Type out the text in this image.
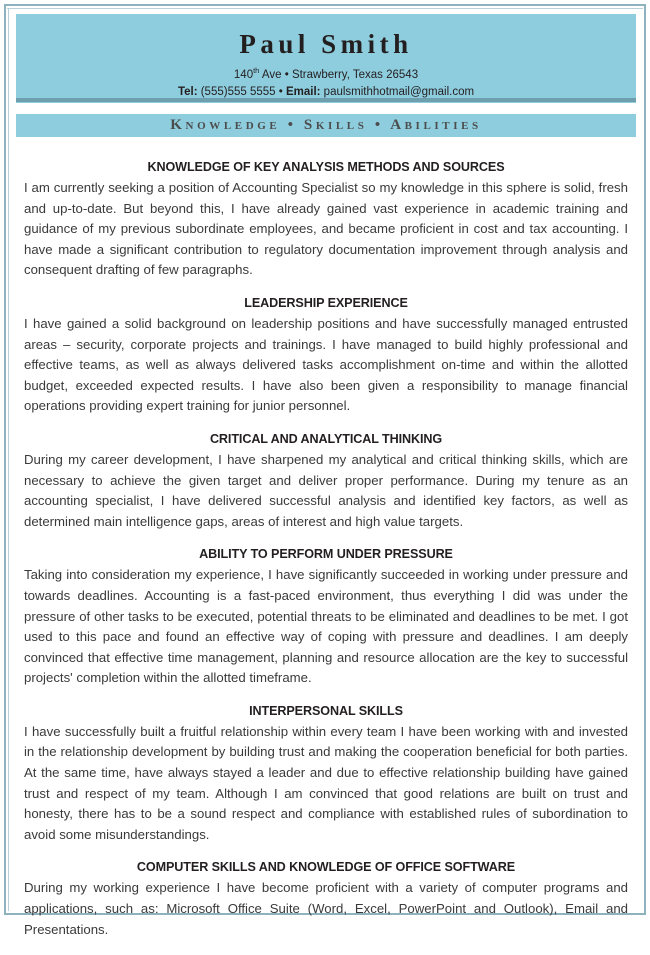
Paul Smith
140th Ave • Strawberry, Texas 26543
Tel: (555)555 5555 • Email: paulsmithhotmail@gmail.com
Knowledge • Skills • Abilities
KNOWLEDGE OF KEY ANALYSIS METHODS AND SOURCES

I am currently seeking a position of Accounting Specialist so my knowledge in this sphere is solid, fresh and up-to-date. But beyond this, I have already gained vast experience in academic training and guidance of my previous subordinate employees, and became proficient in cost and tax accounting. I have made a significant contribution to regulatory documentation improvement through analysis and consequent drafting of few paragraphs.

LEADERSHIP EXPERIENCE

I have gained a solid background on leadership positions and have successfully managed entrusted areas – security, corporate projects and trainings. I have managed to build highly professional and effective teams, as well as always delivered tasks accomplishment on-time and within the allotted budget, exceeded expected results. I have also been given a responsibility to manage financial operations providing expert training for junior personnel.

CRITICAL AND ANALYTICAL THINKING

During my career development, I have sharpened my analytical and critical thinking skills, which are necessary to achieve the given target and deliver proper performance. During my tenure as an accounting specialist, I have delivered successful analysis and identified key factors, as well as determined main intelligence gaps, areas of interest and high value targets.

ABILITY TO PERFORM UNDER PRESSURE

Taking into consideration my experience, I have significantly succeeded in working under pressure and towards deadlines. Accounting is a fast-paced environment, thus everything I did was under the pressure of other tasks to be executed, potential threats to be eliminated and deadlines to be met. I got used to this pace and found an effective way of coping with pressure and deadlines. I am deeply convinced that effective time management, planning and resource allocation are the key to successful projects' completion within the allotted timeframe.

INTERPERSONAL SKILLS

I have successfully built a fruitful relationship within every team I have been working with and invested in the relationship development by building trust and making the cooperation beneficial for both parties. At the same time, have always stayed a leader and due to effective relationship building have gained trust and respect of my team. Although I am convinced that good relations are built on trust and honesty, there has to be a sound respect and compliance with established rules of subordination to avoid some misunderstandings.

COMPUTER SKILLS AND KNOWLEDGE OF OFFICE SOFTWARE

During my working experience I have become proficient with a variety of computer programs and applications, such as: Microsoft Office Suite (Word, Excel, PowerPoint and Outlook), Email and Presentations.
